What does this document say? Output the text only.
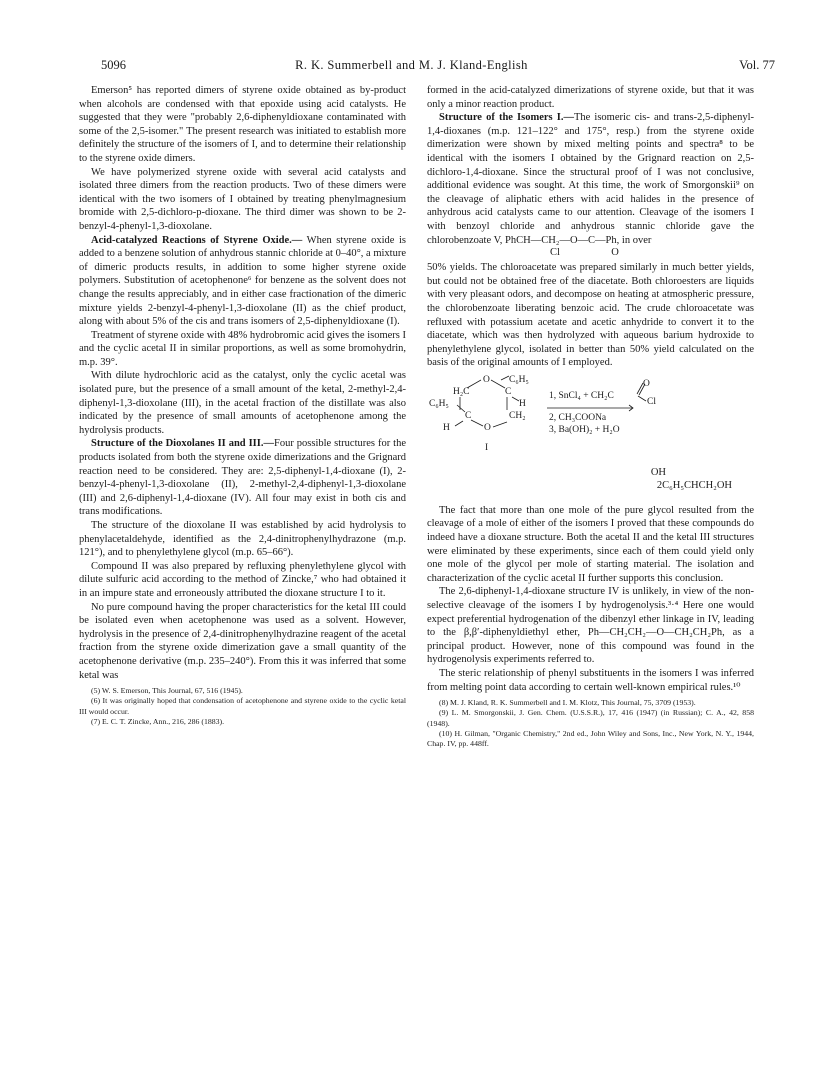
5096	R. K. Summerbell and M. J. Kland-English	Vol. 77

Emerson⁵ has reported dimers of styrene oxide obtained as by-product when alcohols are condensed with that epoxide using acid catalysts. He suggested that they were "probably 2,6-diphenyldioxane contaminated with some of the 2,5-isomer." The present research was initiated to establish more definitely the structure of the isomers of I, and to determine their relationship to the styrene oxide dimers.

We have polymerized styrene oxide with several acid catalysts and isolated three dimers from the reaction products. Two of these dimers were identical with the two isomers of I obtained by treating phenylmagnesium bromide with 2,5-dichloro-p-dioxane. The third dimer was shown to be 2-benzyl-4-phenyl-1,3-dioxolane.

Acid-catalyzed Reactions of Styrene Oxide.— When styrene oxide is added to a benzene solution of anhydrous stannic chloride at 0–40°, a mixture of dimeric products results, in addition to some higher styrene oxide polymers. Substitution of acetophenone⁶ for benzene as the solvent does not change the results appreciably, and in either case fractionation of the dimeric mixture yields 2-benzyl-4-phenyl-1,3-dioxolane (II) as the chief product, along with about 5% of the cis and trans isomers of 2,5-diphenyldioxane (I).

Treatment of styrene oxide with 48% hydrobromic acid gives the isomers I and the cyclic acetal II in similar proportions, as well as some bromohydrin, m.p. 39°.

With dilute hydrochloric acid as the catalyst, only the cyclic acetal was isolated pure, but the presence of a small amount of the ketal, 2-methyl-2,4-diphenyl-1,3-dioxolane (III), in the acetal fraction of the distillate was also indicated by the presence of small amounts of acetophenone among the hydrolysis products.

Structure of the Dioxolanes II and III.—Four possible structures for the products isolated from both the styrene oxide dimerizations and the Grignard reaction need to be considered. They are: 2,5-diphenyl-1,4-dioxane (I), 2-benzyl-4-phenyl-1,3-dioxolane (II), 2-methyl-2,4-diphenyl-1,3-dioxolane (III) and 2,6-diphenyl-1,4-dioxane (IV). All four may exist in both cis and trans modifications.

The structure of the dioxolane II was established by acid hydrolysis to phenylacetaldehyde, identified as the 2,4-dinitrophenylhydrazone (m.p. 121°), and to phenylethylene glycol (m.p. 65–66°).

Compound II was also prepared by refluxing phenylethylene glycol with dilute sulfuric acid according to the method of Zincke,⁷ who had obtained it in an impure state and erroneously attributed the dioxane structure I to it.

No pure compound having the proper characteristics for the ketal III could be isolated even when acetophenone was used as a solvent. However, hydrolysis in the presence of 2,4-dinitrophenylhydrazine reagent of the acetal fraction from the styrene oxide dimerization gave a small quantity of the acetophenone derivative (m.p. 235–240°). From this it was inferred that some ketal was

(5) W. S. Emerson, This Journal, 67, 516 (1945).

(6) It was originally hoped that condensation of acetophenone and styrene oxide to the cyclic ketal III would occur.

(7) E. C. T. Zincke, Ann., 216, 286 (1883).

formed in the acid-catalyzed dimerizations of styrene oxide, but that it was only a minor reaction product.

Structure of the Isomers I.—The isomeric cis- and trans-2,5-diphenyl-1,4-dioxanes (m.p. 121–122° and 175°, resp.) from the styrene oxide dimerization were shown by mixed melting points and spectra⁸ to be identical with the isomers I obtained by the Grignard reaction on 2,5-dichloro-1,4-dioxane. Since the structural proof of I was not conclusive, additional evidence was sought. At this time, the work of Smorgonskii⁹ on the cleavage of aliphatic ethers with acid halides in the presence of anhydrous acid catalysts came to our attention. Cleavage of the isomers I with benzoyl chloride and anhydrous stannic chloride gave the chlorobenzoate V, PhCH—CH₂—O—C—Ph, in over

Cl	O

50% yields. The chloroacetate was prepared similarly in much better yields, but could not be obtained free of the diacetate. Both chloroesters are liquids with very pleasant odors, and decompose on heating at atmospheric pressure, the chlorobenzoate liberating benzoic acid. The crude chloroacetate was refluxed with potassium acetate and acetic anhydride to convert it to the diacetate, which was then hydrolyzed with aqueous barium hydroxide to phenylethylene glycol, isolated in better than 50% yield calculated on the basis of the original amounts of I employed.

O C₆H₅
H₂C	C
C₆H₅	H
C	CH₂
H	O
I
1, SnCl₄ + CH₂C
O
Cl
2, CH₃COONa
3, Ba(OH)₂ + H₂O
OH
2C₆H₅CHCH₂OH

The fact that more than one mole of the pure glycol resulted from the cleavage of a mole of either of the isomers I proved that these compounds do indeed have a dioxane structure. Both the acetal II and the ketal III structures were eliminated by these experiments, since each of them could yield only one mole of the glycol per mole of starting material. The isolation and characterization of the cyclic acetal II further supports this conclusion.

The 2,6-diphenyl-1,4-dioxane structure IV is unlikely, in view of the non-selective cleavage of the isomers I by hydrogenolysis.³·⁴ Here one would expect preferential hydrogenation of the dibenzyl ether linkage in IV, leading to the β,β′-diphenyldiethyl ether, Ph—CH₂CH₂—O—CH₂CH₂Ph, as a principal product. However, none of this compound was found in the hydrogenolysis experiments referred to.

The steric relationship of phenyl substituents in the isomers I was inferred from melting point data according to certain well-known empirical rules.¹⁰

(8) M. J. Kland, R. K. Summerbell and I. M. Klotz, This Journal, 75, 3709 (1953).

(9) L. M. Smorgonskii, J. Gen. Chem. (U.S.S.R.), 17, 416 (1947) (in Russian); C. A., 42, 858 (1948).

(10) H. Gilman, "Organic Chemistry," 2nd ed., John Wiley and Sons, Inc., New York, N. Y., 1944, Chap. IV, pp. 448ff.
